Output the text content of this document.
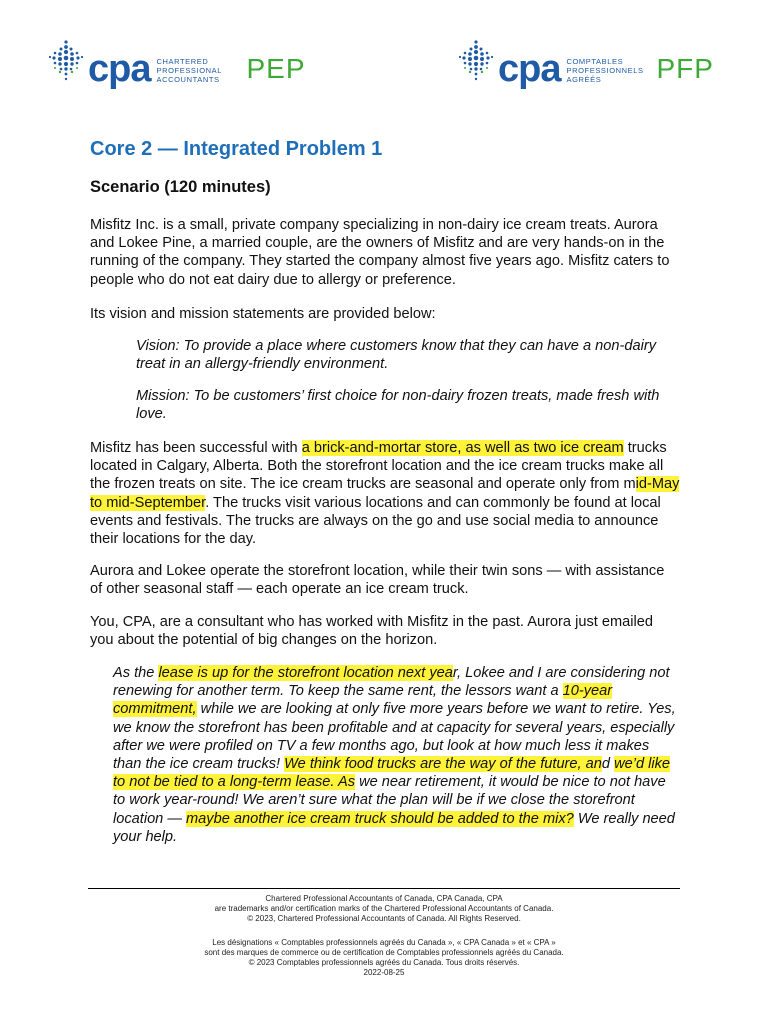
cpa CHARTERED
PROFESSIONAL
ACCOUNTANTS PEP	cpa COMPTABLES
PROFESSIONNELS
AGRÉÉS	PFP
Core 2 — Integrated Problem 1
Scenario (120 minutes)

Misfitz Inc. is a small, private company specializing in non-dairy ice cream treats. Aurora and Lokee Pine, a married couple, are the owners of Misfitz and are very hands-on in the running of the company. They started the company almost five years ago. Misfitz caters to people who do not eat dairy due to allergy or preference.

Its vision and mission statements are provided below:

Vision: To provide a place where customers know that they can have a non-dairy treat in an allergy-friendly environment.

Mission: To be customers’ first choice for non-dairy frozen treats, made fresh with love.

Misfitz has been successful with a brick-and-mortar store, as well as two ice cream trucks located in Calgary, Alberta. Both the storefront location and the ice cream trucks make all the frozen treats on site. The ice cream trucks are seasonal and operate only from mid-May to mid-September. The trucks visit various locations and can commonly be found at local events and festivals. The trucks are always on the go and use social media to announce their locations for the day.

Aurora and Lokee operate the storefront location, while their twin sons — with assistance of other seasonal staff — each operate an ice cream truck.

You, CPA, are a consultant who has worked with Misfitz in the past. Aurora just emailed you about the potential of big changes on the horizon.

As the lease is up for the storefront location next year, Lokee and I are considering not renewing for another term. To keep the same rent, the lessors want a 10-year commitment, while we are looking at only five more years before we want to retire. Yes, we know the storefront has been profitable and at capacity for several years, especially after we were profiled on TV a few months ago, but look at how much less it makes than the ice cream trucks! We think food trucks are the way of the future, and we’d like to not be tied to a long-term lease. As we near retirement, it would be nice to not have to work year-round! We aren’t sure what the plan will be if we close the storefront location — maybe another ice cream truck should be added to the mix? We really need your help.

Chartered Professional Accountants of Canada, CPA Canada, CPA
are trademarks and/or certification marks of the Chartered Professional Accountants of Canada.
© 2023, Chartered Professional Accountants of Canada. All Rights Reserved.
Les désignations « Comptables professionnels agréés du Canada », « CPA Canada » et « CPA »
sont des marques de commerce ou de certification de Comptables professionnels agréés du Canada.
© 2023 Comptables professionnels agréés du Canada. Tous droits réservés.
2022-08-25
